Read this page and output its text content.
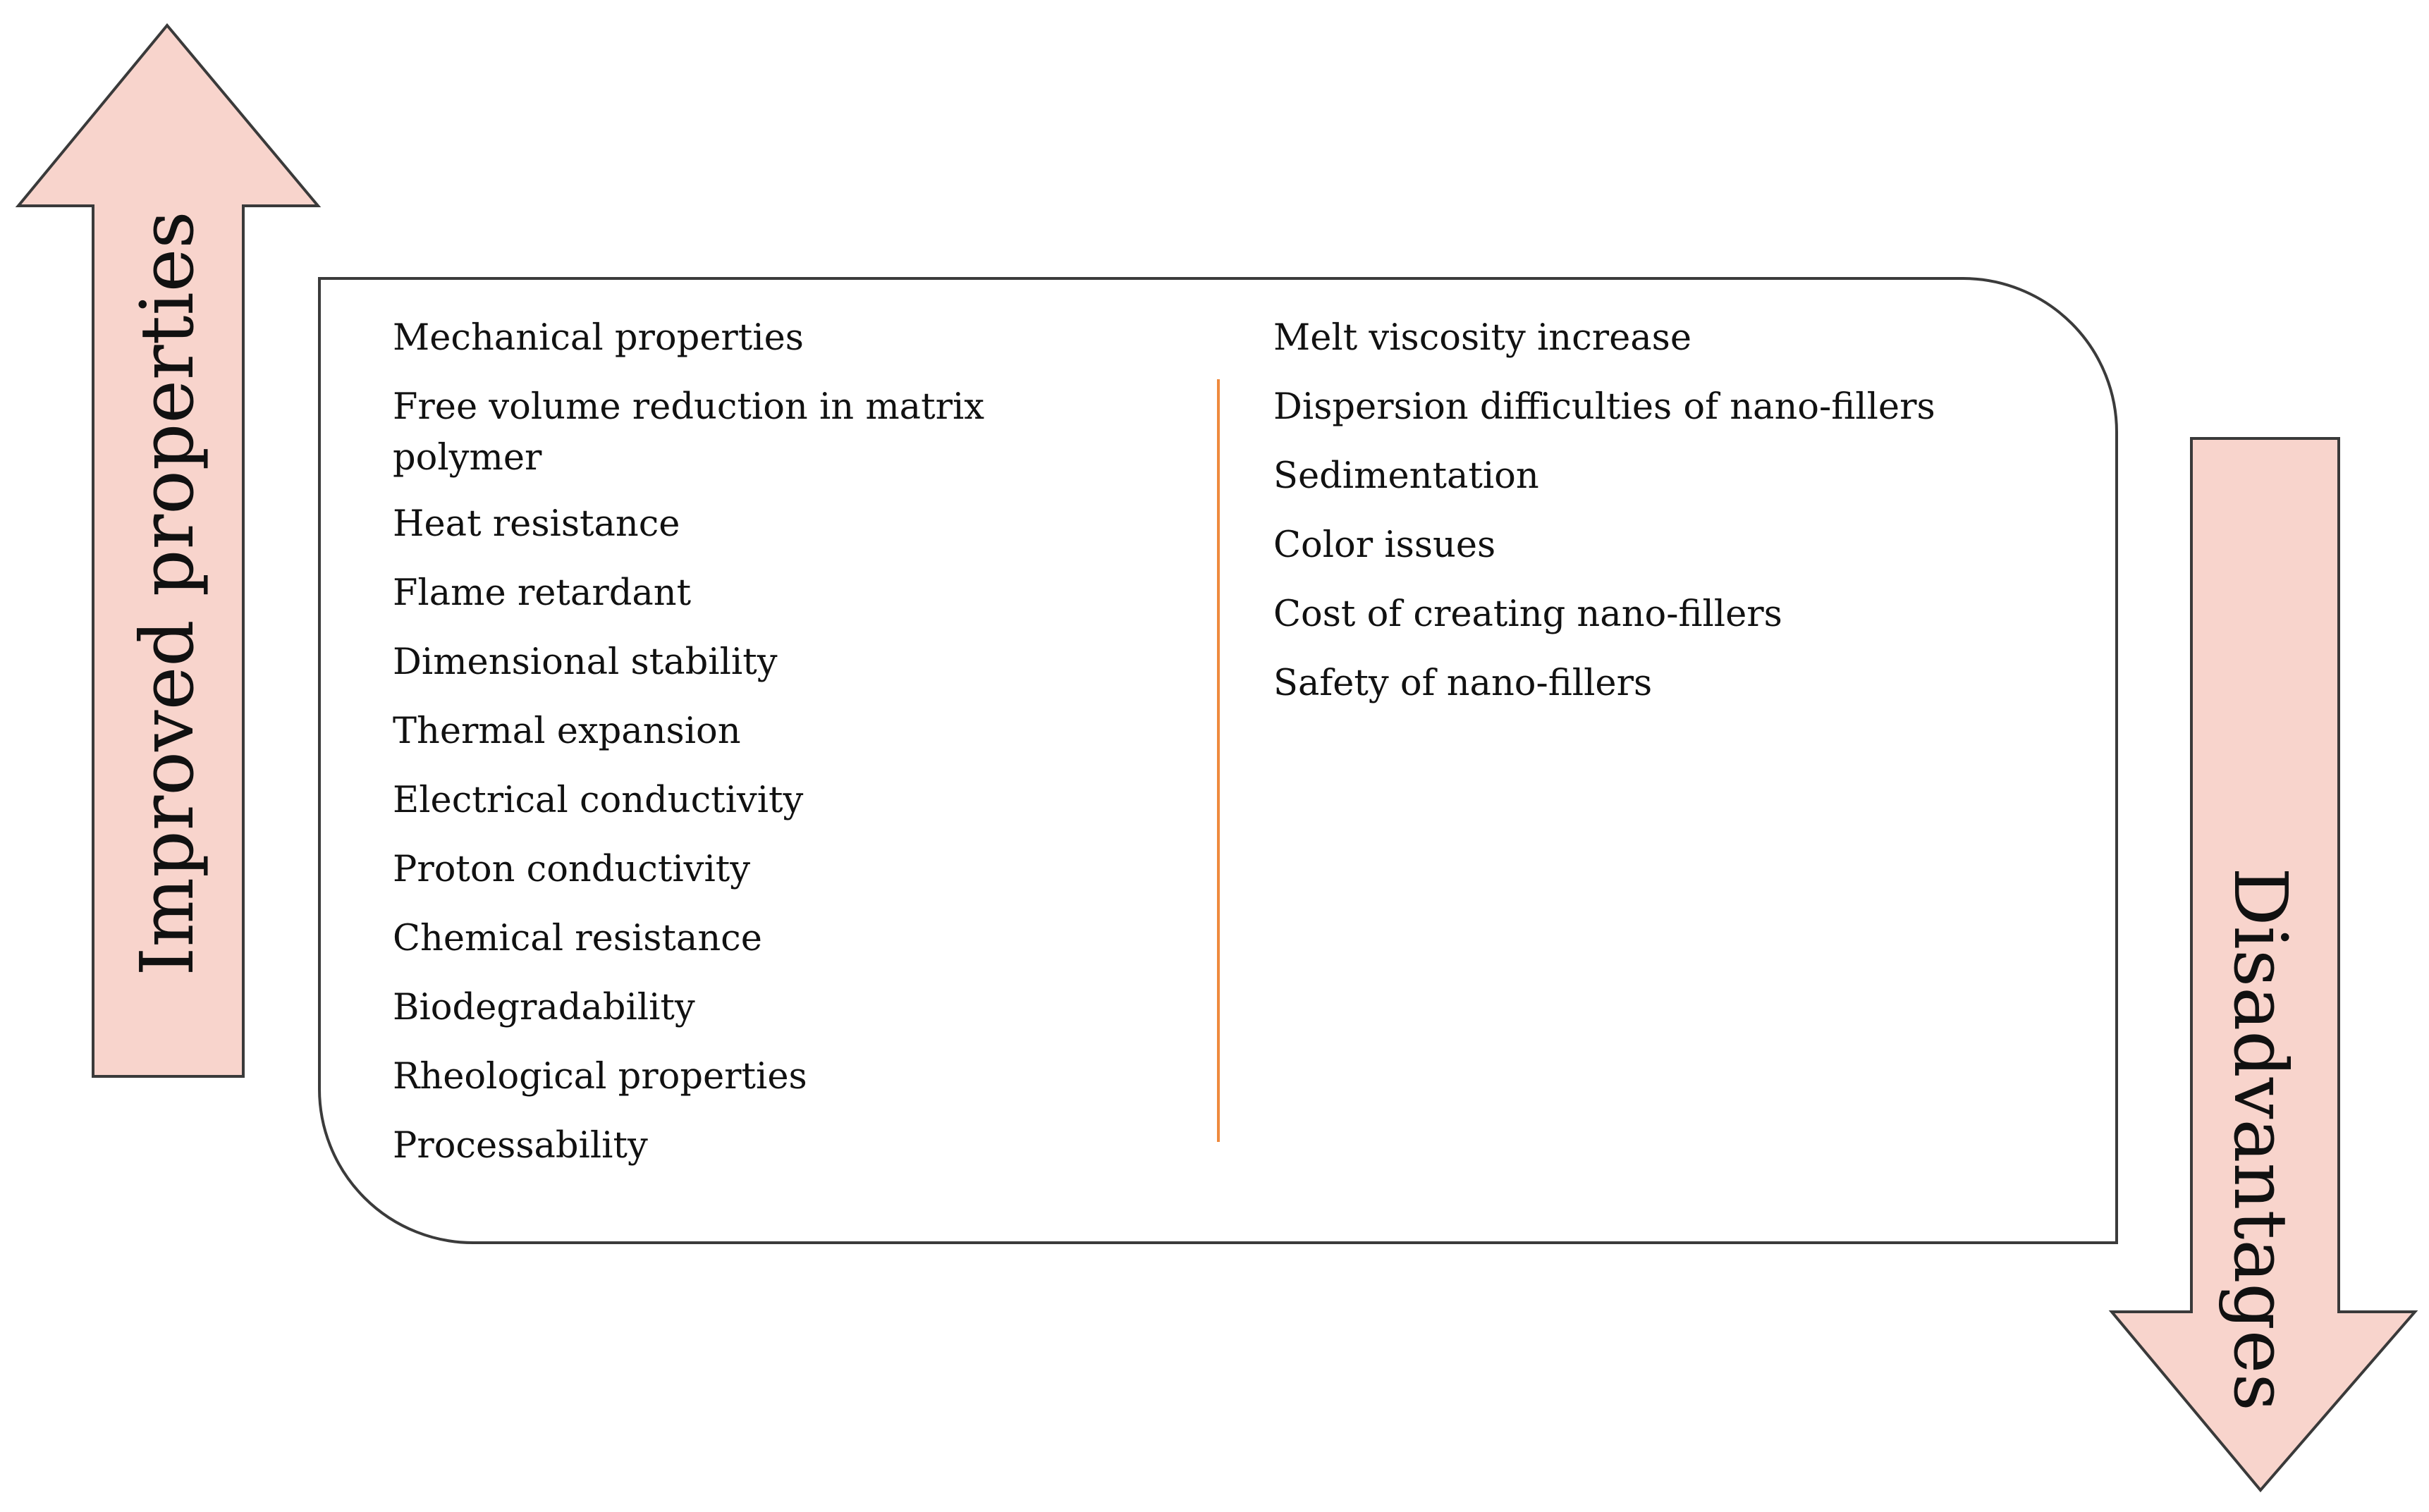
Improved properties
Disadvantages
Mechanical properties
Free volume reduction in matrix polymer
Heat resistance
Flame retardant
Dimensional stability
Thermal expansion
Electrical conductivity
Proton conductivity
Chemical resistance
Biodegradability
Rheological properties
Processability
Melt viscosity increase
Dispersion difficulties of nano-fillers
Sedimentation
Color issues
Cost of creating nano-fillers
Safety of nano-fillers
